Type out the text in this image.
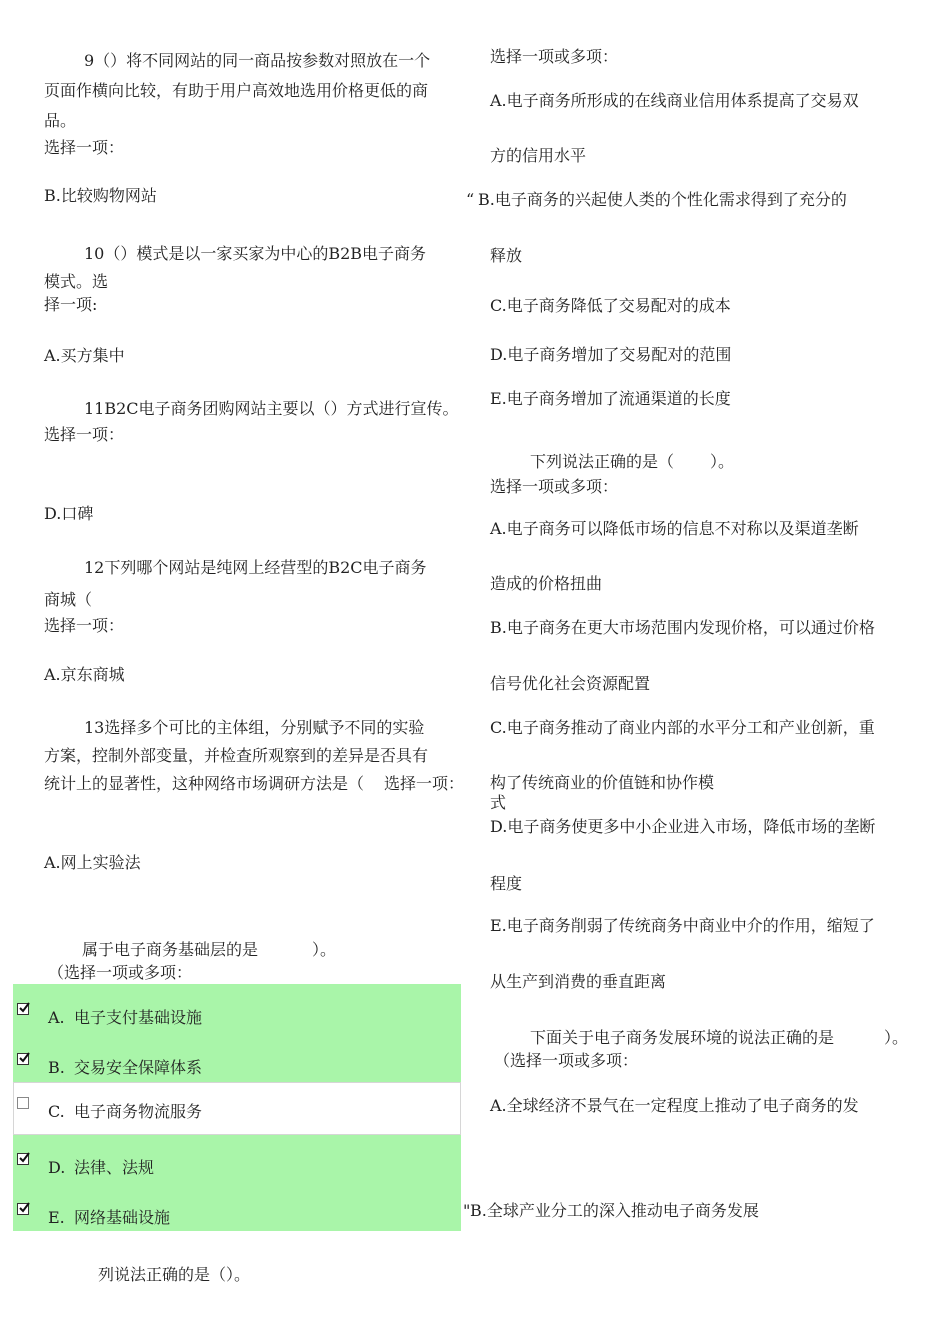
9（）将不同网站的同一商品按参数对照放在一个
页面作横向比较，有助于用户高效地选用价格更低的商
品。
选择一项：
B.比较购物网站
10（）模式是以一家买家为中心的B2B电子商务
模式。选
择一项:
A.买方集中
11B2C电子商务团购网站主要以（）方式进行宣传。
选择一项：
D.口碑
12下列哪个网站是纯网上经营型的B2C电子商务
商城（
选择一项：
A.京东商城
13选择多个可比的主体组，分别赋予不同的实验
方案，控制外部变量，并检查所观察到的差异是否具有
统计上的显著性，这种网络市场调研方法是（ 选择一项：
A.网上实验法
属于电子商务基础层的是	）。
（选择一项或多项：
A. 电子支付基础设施
B. 交易安全保障体系
C. 电子商务物流服务
D. 法律、法规
E. 网络基础设施
列说法正确的是（）。
选择一项或多项：
A.电子商务所形成的在线商业信用体系提高了交易双
方的信用水平
“ B.电子商务的兴起使人类的个性化需求得到了充分的
释放
C.电子商务降低了交易配对的成本
D.电子商务增加了交易配对的范围
E.电子商务增加了流通渠道的长度
下列说法正确的是（ ）。
选择一项或多项：
A.电子商务可以降低市场的信息不对称以及渠道垄断
造成的价格扭曲
B.电子商务在更大市场范围内发现价格，可以通过价格
信号优化社会资源配置
C.电子商务推动了商业内部的水平分工和产业创新，重
构了传统商业的价值链和协作模
式
D.电子商务使更多中小企业进入市场，降低市场的垄断
程度
E.电子商务削弱了传统商务中商业中介的作用，缩短了
从生产到消费的垂直距离
下面关于电子商务发展环境的说法正确的是	）。
（选择一项或多项：
A.全球经济不景气在一定程度上推动了电子商务的发
" B.全球产业分工的深入推动电子商务发展
